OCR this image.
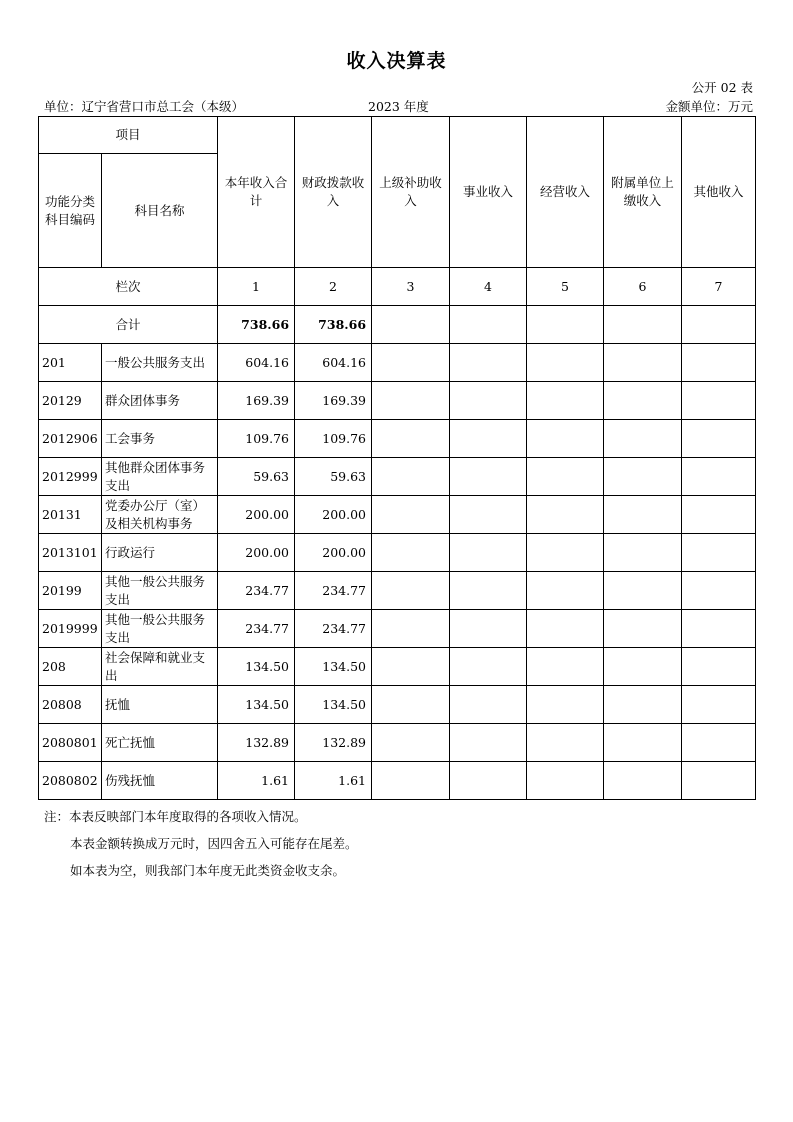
收入决算表
公开 02 表
单位：辽宁省营口市总工会（本级）	2023 年度	金额单位：万元
项目		本年收入合计	财政拨款收入	上级补助收入	事业收入	经营收入	附属单位上缴收入	其他收入
功能分类科目编码	科目名称							
栏次		1	2	3	4	5	6	7
合计		738.66	738.66					
201	一般公共服务支出	604.16	604.16					
20129	群众团体事务	169.39	169.39					
2012906	工会事务	109.76	109.76					
2012999	其他群众团体事务支出	59.63	59.63					
20131	党委办公厅（室）及相关机构事务	200.00	200.00					
2013101	行政运行	200.00	200.00					
20199	其他一般公共服务支出	234.77	234.77					
2019999	其他一般公共服务支出	234.77	234.77					
208	社会保障和就业支出	134.50	134.50					
20808	抚恤	134.50	134.50					
2080801	死亡抚恤	132.89	132.89					
2080802	伤残抚恤	1.61	1.61					
注：本表反映部门本年度取得的各项收入情况。
本表金额转换成万元时，因四舍五入可能存在尾差。
如本表为空，则我部门本年度无此类资金收支余。
